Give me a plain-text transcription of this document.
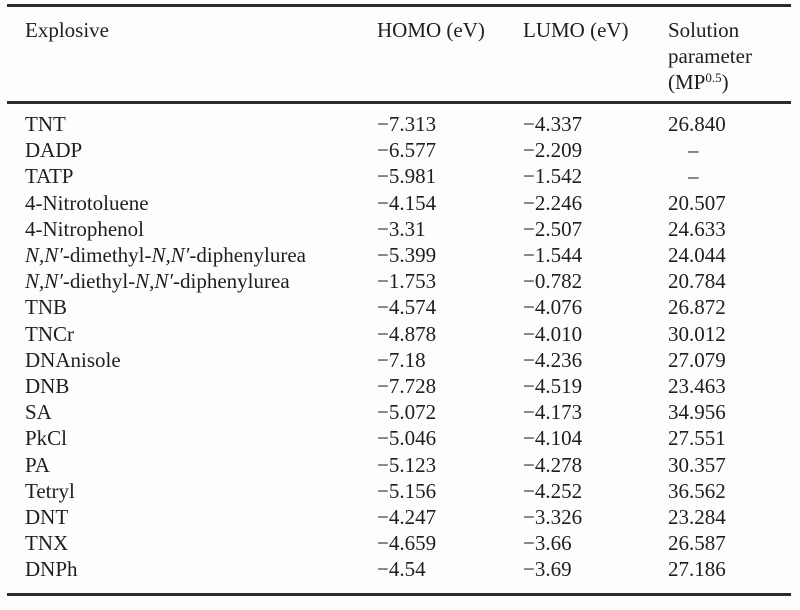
Explosive	HOMO (eV)	LUMO (eV)	Solution
parameter
$(MP^{0.5})$
TNT	−7.313	−4.337	26.840
DADP	−6.577	−2.209	–
TATP	−5.981	−1.542	–
4-Nitrotoluene	−4.154	−2.246	20.507
4-Nitrophenol	−3.31	−2.507	24.633
N,N′-dimethyl-N,N′-diphenylurea	−5.399	−1.544	24.044
N,N′-diethyl-N,N′-diphenylurea	−1.753	−0.782	20.784
TNB	−4.574	−4.076	26.872
TNCr	−4.878	−4.010	30.012
DNAnisole	−7.18	−4.236	27.079
DNB	−7.728	−4.519	23.463
SA	−5.072	−4.173	34.956
PkCl	−5.046	−4.104	27.551
PA	−5.123	−4.278	30.357
Tetryl	−5.156	−4.252	36.562
DNT	−4.247	−3.326	23.284
TNX	−4.659	−3.66	26.587
DNPh	−4.54	−3.69	27.186
